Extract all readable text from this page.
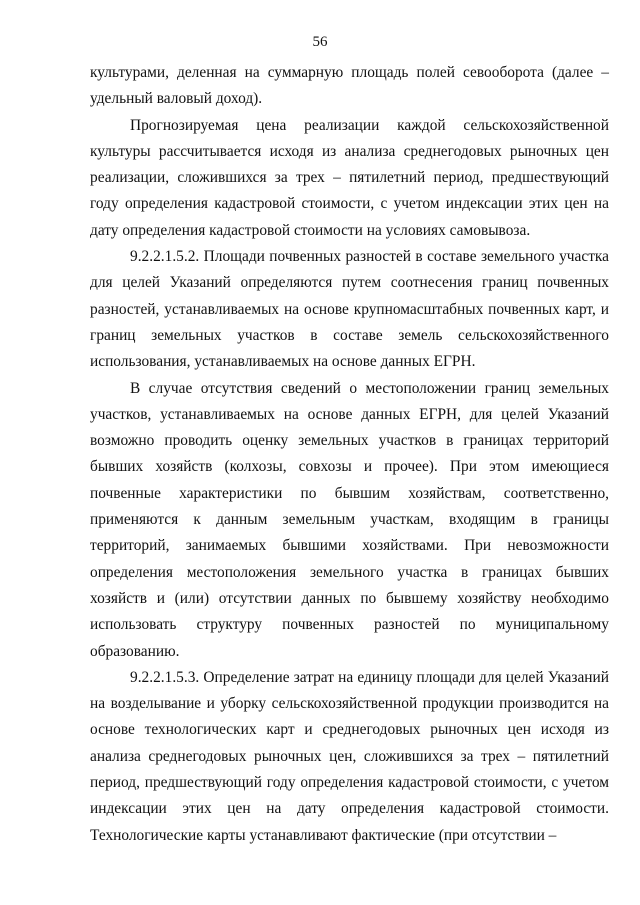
56

культурами, деленная на суммарную площадь полей севооборота (далее – удельный валовый доход).

Прогнозируемая цена реализации каждой сельскохозяйственной культуры рассчитывается исходя из анализа среднегодовых рыночных цен реализации, сложившихся за трех – пятилетний период, предшествующий году определения кадастровой стоимости, с учетом индексации этих цен на дату определения кадастровой стоимости на условиях самовывоза.

9.2.2.1.5.2. Площади почвенных разностей в составе земельного участка для целей Указаний определяются путем соотнесения границ почвенных разностей, устанавливаемых на основе крупномасштабных почвенных карт, и границ земельных участков в составе земель сельскохозяйственного использования, устанавливаемых на основе данных ЕГРН.

В случае отсутствия сведений о местоположении границ земельных участков, устанавливаемых на основе данных ЕГРН, для целей Указаний возможно проводить оценку земельных участков в границах территорий бывших хозяйств (колхозы, совхозы и прочее). При этом имеющиеся почвенные характеристики по бывшим хозяйствам, соответственно, применяются к данным земельным участкам, входящим в границы территорий, занимаемых бывшими хозяйствами. При невозможности определения местоположения земельного участка в границах бывших хозяйств и (или) отсутствии данных по бывшему хозяйству необходимо использовать структуру почвенных разностей по муниципальному образованию.

9.2.2.1.5.3. Определение затрат на единицу площади для целей Указаний на возделывание и уборку сельскохозяйственной продукции производится на основе технологических карт и среднегодовых рыночных цен исходя из анализа среднегодовых рыночных цен, сложившихся за трех – пятилетний период, предшествующий году определения кадастровой стоимости, с учетом индексации этих цен на дату определения кадастровой стоимости. Технологические карты устанавливают фактические (при отсутствии –
